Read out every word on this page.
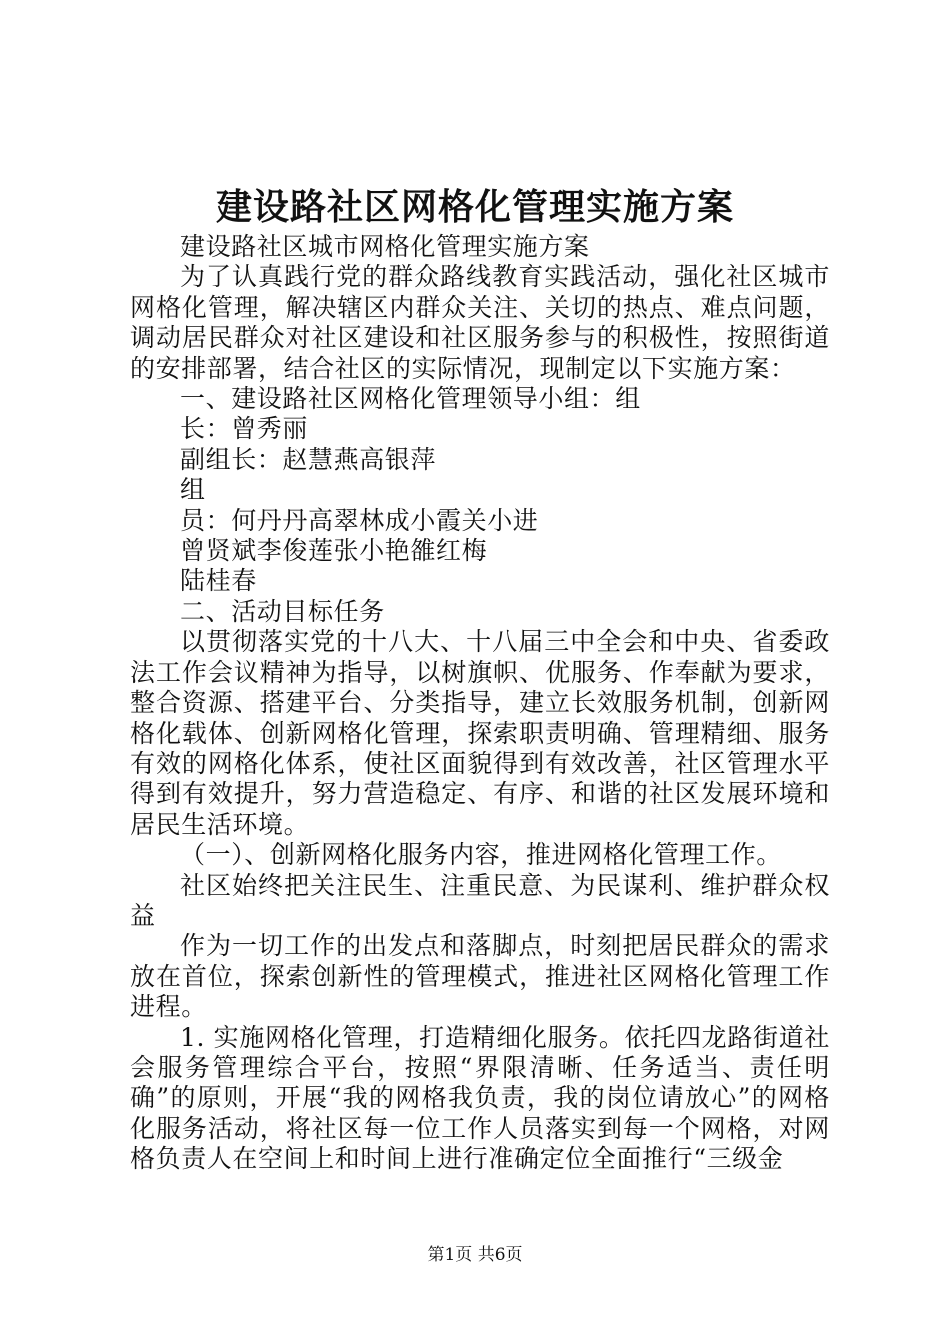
建设路社区网格化管理实施方案

建设路社区城市网格化管理实施方案

为了认真践行党的群众路线教育实践活动，强化社区城市网格化管理，解决辖区内群众关注、关切的热点、难点问题，调动居民群众对社区建设和社区服务参与的积极性，按照街道的安排部署，结合社区的实际情况，现制定以下实施方案：

一、建设路社区网格化管理领导小组：组

长：曾秀丽

副组长：赵慧燕高银萍

组

员：何丹丹高翠林成小霞关小进

曾贤斌李俊莲张小艳雒红梅

陆桂春

二、活动目标任务

以贯彻落实党的十八大、十八届三中全会和中央、省委政法工作会议精神为指导，以树旗帜、优服务、作奉献为要求，整合资源、搭建平台、分类指导，建立长效服务机制，创新网格化载体、创新网格化管理，探索职责明确、管理精细、服务有效的网格化体系，使社区面貌得到有效改善，社区管理水平得到有效提升，努力营造稳定、有序、和谐的社区发展环境和居民生活环境。

（一）、创新网格化服务内容，推进网格化管理工作。

社区始终把关注民生、注重民意、为民谋利、维护群众权益

作为一切工作的出发点和落脚点，时刻把居民群众的需求放在首位，探索创新性的管理模式，推进社区网格化管理工作进程。

1. 实施网格化管理，打造精细化服务。依托四龙路街道社会服务管理综合平台，按照“界限清晰、任务适当、责任明确”的原则，开展“我的网格我负责，我的岗位请放心”的网格化服务活动，将社区每一位工作人员落实到每一个网格，对网格负责人在空间上和时间上进行准确定位全面推行“三级金

第1页 共6页
